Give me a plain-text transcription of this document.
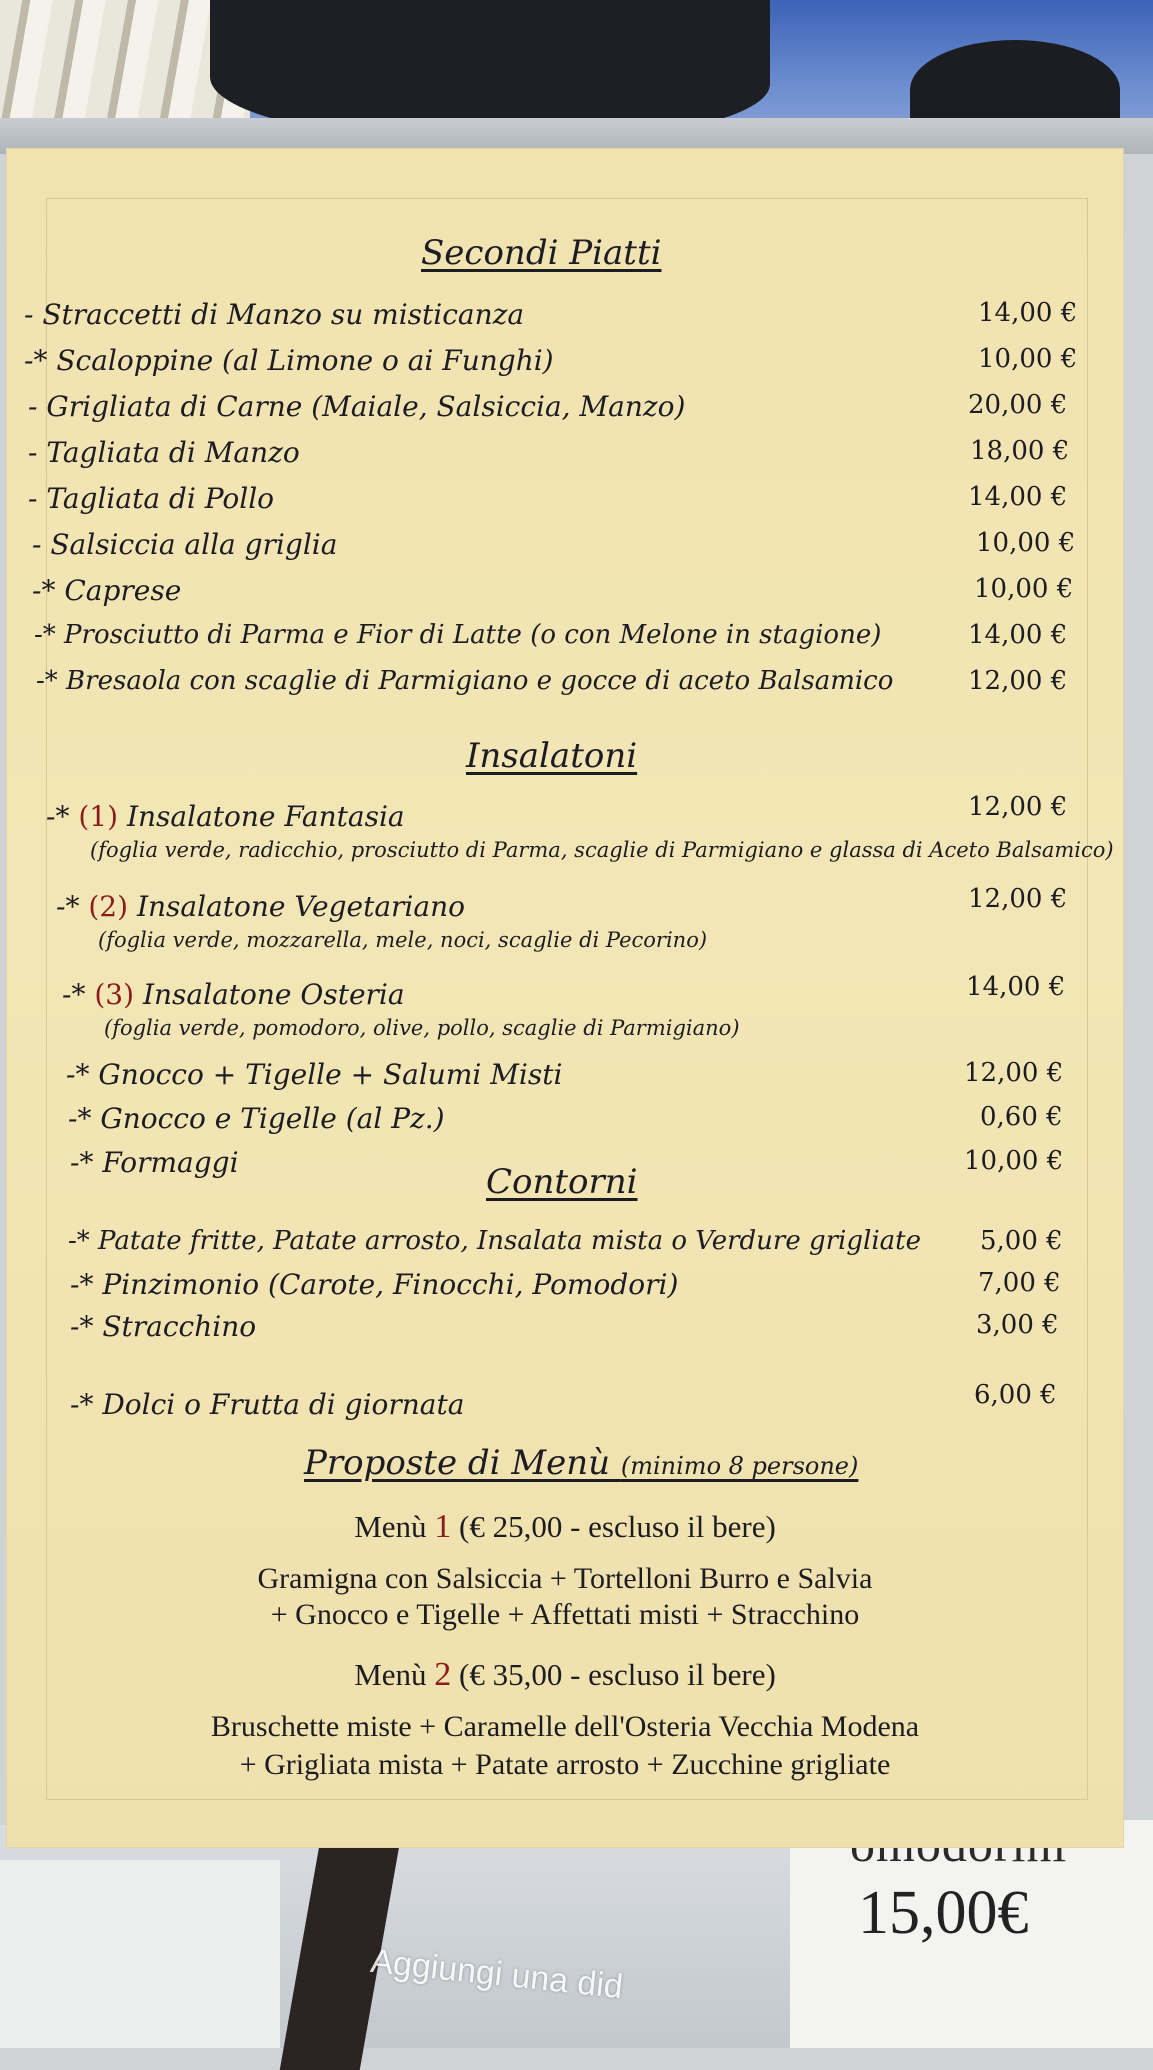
15,00€
Secondi Piatti
- Straccetti di Manzo su misticanza	14,00 €
-* Scaloppine (al Limone o ai Funghi)	10,00 €
- Grigliata di Carne (Maiale, Salsiccia, Manzo)	20,00 €
- Tagliata di Manzo	18,00 €
- Tagliata di Pollo	14,00 €
- Salsiccia alla griglia	10,00 €
-* Caprese	10,00 €
-* Prosciutto di Parma e Fior di Latte (o con Melone in stagione)	14,00 €
-* Bresaola con scaglie di Parmigiano e gocce di aceto Balsamico	12,00 €
Insalatoni
-* (1) Insalatone Fantasia	12,00 €
(foglia verde, radicchio, prosciutto di Parma, scaglie di Parmigiano e glassa di Aceto Balsamico)
-* (2) Insalatone Vegetariano	12,00 €
(foglia verde, mozzarella, mele, noci, scaglie di Pecorino)
-* (3) Insalatone Osteria	14,00 €
(foglia verde, pomodoro, olive, pollo, scaglie di Parmigiano)
-* Gnocco + Tigelle + Salumi Misti	12,00 €
-* Gnocco e Tigelle (al Pz.)	0,60 €
-* Formaggi	10,00 €
Contorni
-* Patate fritte, Patate arrosto, Insalata mista o Verdure grigliate 5,00 €
-* Pinzimonio (Carote, Finocchi, Pomodori)	7,00 €
-* Stracchino	3,00 €
-* Dolci o Frutta di giornata	6,00 €
Proposte di Menù (minimo 8 persone)
Menù 1 (€ 25,00 - escluso il bere)
Gramigna con Salsiccia + Tortelloni Burro e Salvia
+ Gnocco e Tigelle + Affettati misti + Stracchino
Menù 2 (€ 35,00 - escluso il bere)
Bruschette miste + Caramelle dell'Osteria Vecchia Modena
+ Grigliata mista + Patate arrosto + Zucchine grigliate
Aggiungi una did
